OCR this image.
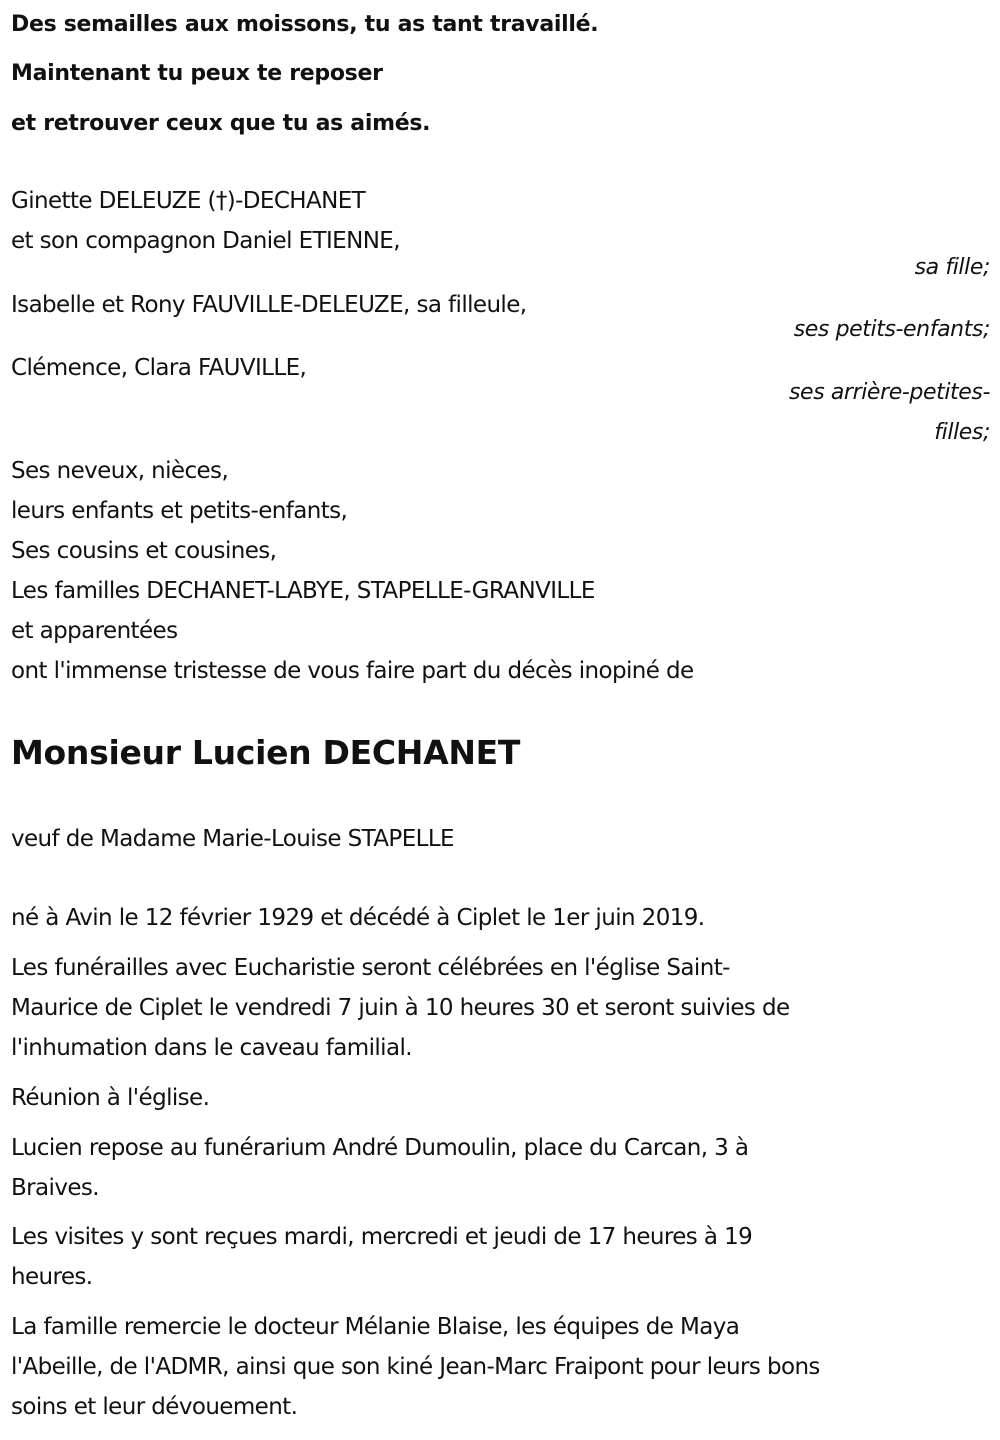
Des semailles aux moissons, tu as tant travaillé.
Maintenant tu peux te reposer
et retrouver ceux que tu as aimés.
Ginette DELEUZE (†)-DECHANET
et son compagnon Daniel ETIENNE,
sa fille;
Isabelle et Rony FAUVILLE-DELEUZE, sa filleule,
ses petits-enfants;
Clémence, Clara FAUVILLE,
ses arrière-petites-
filles;
Ses neveux, nièces,
leurs enfants et petits-enfants,
Ses cousins et cousines,
Les familles DECHANET-LABYE, STAPELLE-GRANVILLE
et apparentées
ont l'immense tristesse de vous faire part du décès inopiné de
Monsieur Lucien DECHANET
veuf de Madame Marie-Louise STAPELLE
né à Avin le 12 février 1929 et décédé à Ciplet le 1er juin 2019.
Les funérailles avec Eucharistie seront célébrées en l'église Saint-
Maurice de Ciplet le vendredi 7 juin à 10 heures 30 et seront suivies de
l'inhumation dans le caveau familial.
Réunion à l'église.
Lucien repose au funérarium André Dumoulin, place du Carcan, 3 à
Braives.
Les visites y sont reçues mardi, mercredi et jeudi de 17 heures à 19
heures.
La famille remercie le docteur Mélanie Blaise, les équipes de Maya
l'Abeille, de l'ADMR, ainsi que son kiné Jean-Marc Fraipont pour leurs bons
soins et leur dévouement.
